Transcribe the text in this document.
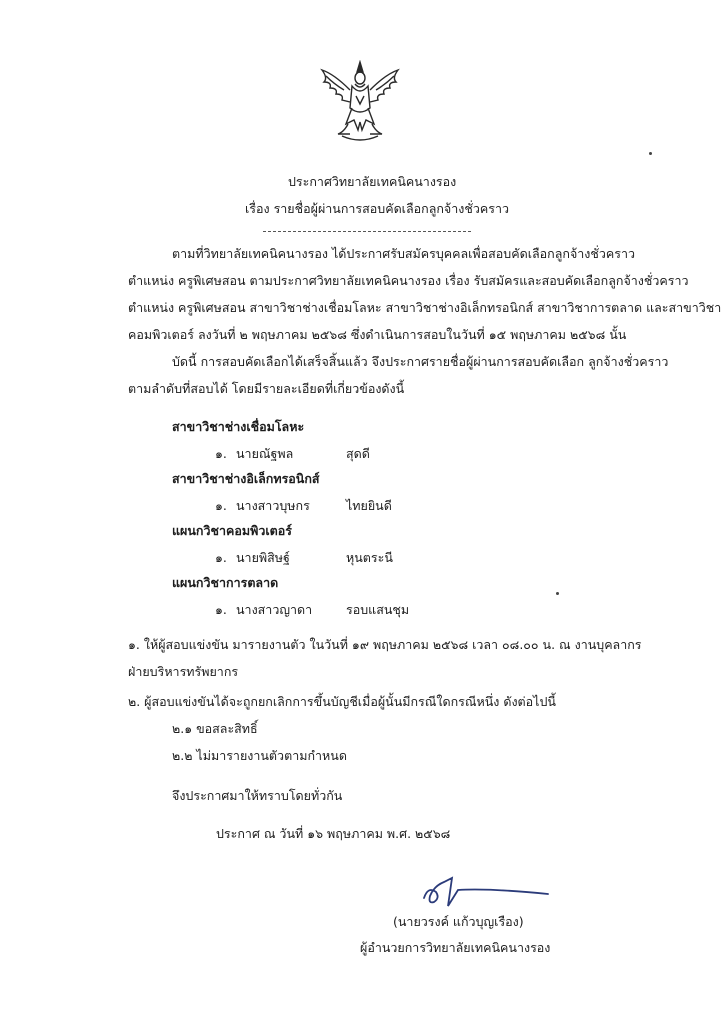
ประกาศวิทยาลัยเทคนิคนางรอง
เรื่อง รายชื่อผู้ผ่านการสอบคัดเลือกลูกจ้างชั่วคราว
ตามที่วิทยาลัยเทคนิคนางรอง ได้ประกาศรับสมัครบุคคลเพื่อสอบคัดเลือกลูกจ้างชั่วคราว
ตำแหน่ง ครูพิเศษสอน ตามประกาศวิทยาลัยเทคนิคนางรอง เรื่อง รับสมัครและสอบคัดเลือกลูกจ้างชั่วคราว
ตำแหน่ง ครูพิเศษสอน สาขาวิชาช่างเชื่อมโลหะ สาขาวิชาช่างอิเล็กทรอนิกส์ สาขาวิชาการตลาด และสาขาวิชา
คอมพิวเตอร์ ลงวันที่ ๒ พฤษภาคม ๒๕๖๘ ซึ่งดำเนินการสอบในวันที่ ๑๕ พฤษภาคม ๒๕๖๘ นั้น
บัดนี้ การสอบคัดเลือกได้เสร็จสิ้นแล้ว จึงประกาศรายชื่อผู้ผ่านการสอบคัดเลือก ลูกจ้างชั่วคราว
ตามลำดับที่สอบได้ โดยมีรายละเอียดที่เกี่ยวข้องดังนี้
สาขาวิชาช่างเชื่อมโลหะ
๑. นายณัฐพล	สุดดี
สาขาวิชาช่างอิเล็กทรอนิกส์
๑. นางสาวบุษกร	ไทยยินดี
แผนกวิชาคอมพิวเตอร์
๑. นายพิสิษฐ์	หุนตระนี
แผนกวิชาการตลาด
๑. นางสาวญาดา	รอบแสนชุม
๑. ให้ผู้สอบแข่งขัน มารายงานตัว ในวันที่ ๑๙ พฤษภาคม ๒๕๖๘ เวลา ๐๘.๐๐ น. ณ งานบุคลากร
ฝ่ายบริหารทรัพยากร
๒. ผู้สอบแข่งขันได้จะถูกยกเลิกการขึ้นบัญชีเมื่อผู้นั้นมีกรณีใดกรณีหนึ่ง ดังต่อไปนี้
๒.๑ ขอสละสิทธิ์
๒.๒ ไม่มารายงานตัวตามกำหนด
จึงประกาศมาให้ทราบโดยทั่วกัน
ประกาศ ณ วันที่ ๑๖ พฤษภาคม พ.ศ. ๒๕๖๘
(นายวรงค์ แก้วบุญเรือง)
ผู้อำนวยการวิทยาลัยเทคนิคนางรอง
